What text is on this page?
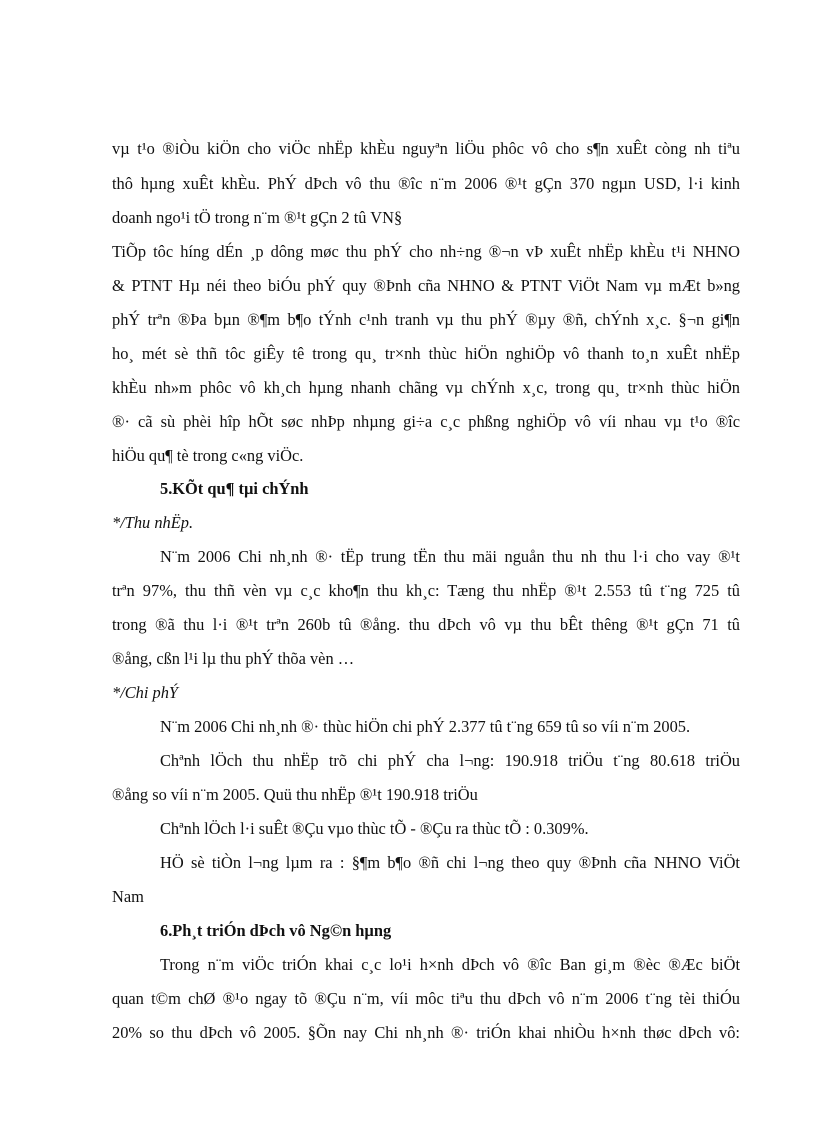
vµ t¹o ®iÒu kiÖn cho viÖc nhËp khÈu nguyªn liÖu phôc vô cho s¶n xuÊt còng nh tiªu
thô hµng xuÊt khÈu. PhÝ dÞch vô thu ®îc n¨m 2006 ®¹t gÇn 370 ngµn USD, l·i kinh
doanh ngo¹i tÖ trong n¨m ®¹t gÇn 2 tû VN§
TiÕp tôc híng dÉn ¸p dông møc thu phÝ cho nh÷ng ®¬n vÞ xuÊt nhËp khÈu t¹i NHNO
& PTNT Hµ néi theo biÓu phÝ quy ®Þnh cña NHNO & PTNT ViÖt Nam vµ mÆt b»ng
phÝ trªn ®Þa bµn ®¶m b¶o tÝnh c¹nh tranh vµ thu phÝ ®µy ®ñ, chÝnh x¸c. §¬n gi¶n
ho¸ mét sè thñ tôc giÊy tê trong qu¸ tr×nh thùc hiÖn nghiÖp vô thanh to¸n xuÊt nhËp
khÈu nh»m phôc vô kh¸ch hµng nhanh chãng vµ chÝnh x¸c, trong qu¸ tr×nh thùc hiÖn
®· cã sù phèi hîp hÕt søc nhÞp nhµng gi÷a c¸c phßng nghiÖp vô víi nhau vµ t¹o ®îc
hiÖu qu¶ tè trong c«ng viÖc.
5.KÕt qu¶ tµi chÝnh
*/Thu nhËp.
N¨m 2006 Chi nh¸nh ®· tËp trung tËn thu mäi nguån thu nh thu l·i cho vay ®¹t
trªn 97%, thu thñ vèn vµ c¸c kho¶n thu kh¸c: Tæng thu nhËp ®¹t 2.553 tû t¨ng 725 tû
trong ®ã thu l·i ®¹t trªn 260b tû ®ång. thu dÞch vô vµ thu bÊt thêng ®¹t gÇn 71 tû
®ång, cßn l¹i lµ thu phÝ thõa vèn …
*/Chi phÝ
N¨m 2006 Chi nh¸nh ®· thùc hiÖn chi phÝ 2.377 tû t¨ng 659 tû so víi n¨m 2005.
Chªnh lÖch thu nhËp trõ chi phÝ cha l¬ng: 190.918 triÖu t¨ng 80.618 triÖu
®ång so víi n¨m 2005. Quü thu nhËp ®¹t 190.918 triÖu
Chªnh lÖch l·i suÊt ®Çu vµo thùc tÕ - ®Çu ra thùc tÕ : 0.309%.
HÖ sè tiÒn l¬ng lµm ra : §¶m b¶o ®ñ chi l¬ng theo quy ®Þnh cña NHNO ViÖt
Nam
6.Ph¸t triÓn dÞch vô Ng©n hµng
Trong n¨m viÖc triÓn khai c¸c lo¹i h×nh dÞch vô ®îc Ban gi¸m ®èc ®Æc biÖt
quan t©m chØ ®¹o ngay tõ ®Çu n¨m, víi môc tiªu thu dÞch vô n¨m 2006 t¨ng tèi thiÓu
20% so thu dÞch vô 2005. §Õn nay Chi nh¸nh ®· triÓn khai nhiÒu h×nh thøc dÞch vô:
